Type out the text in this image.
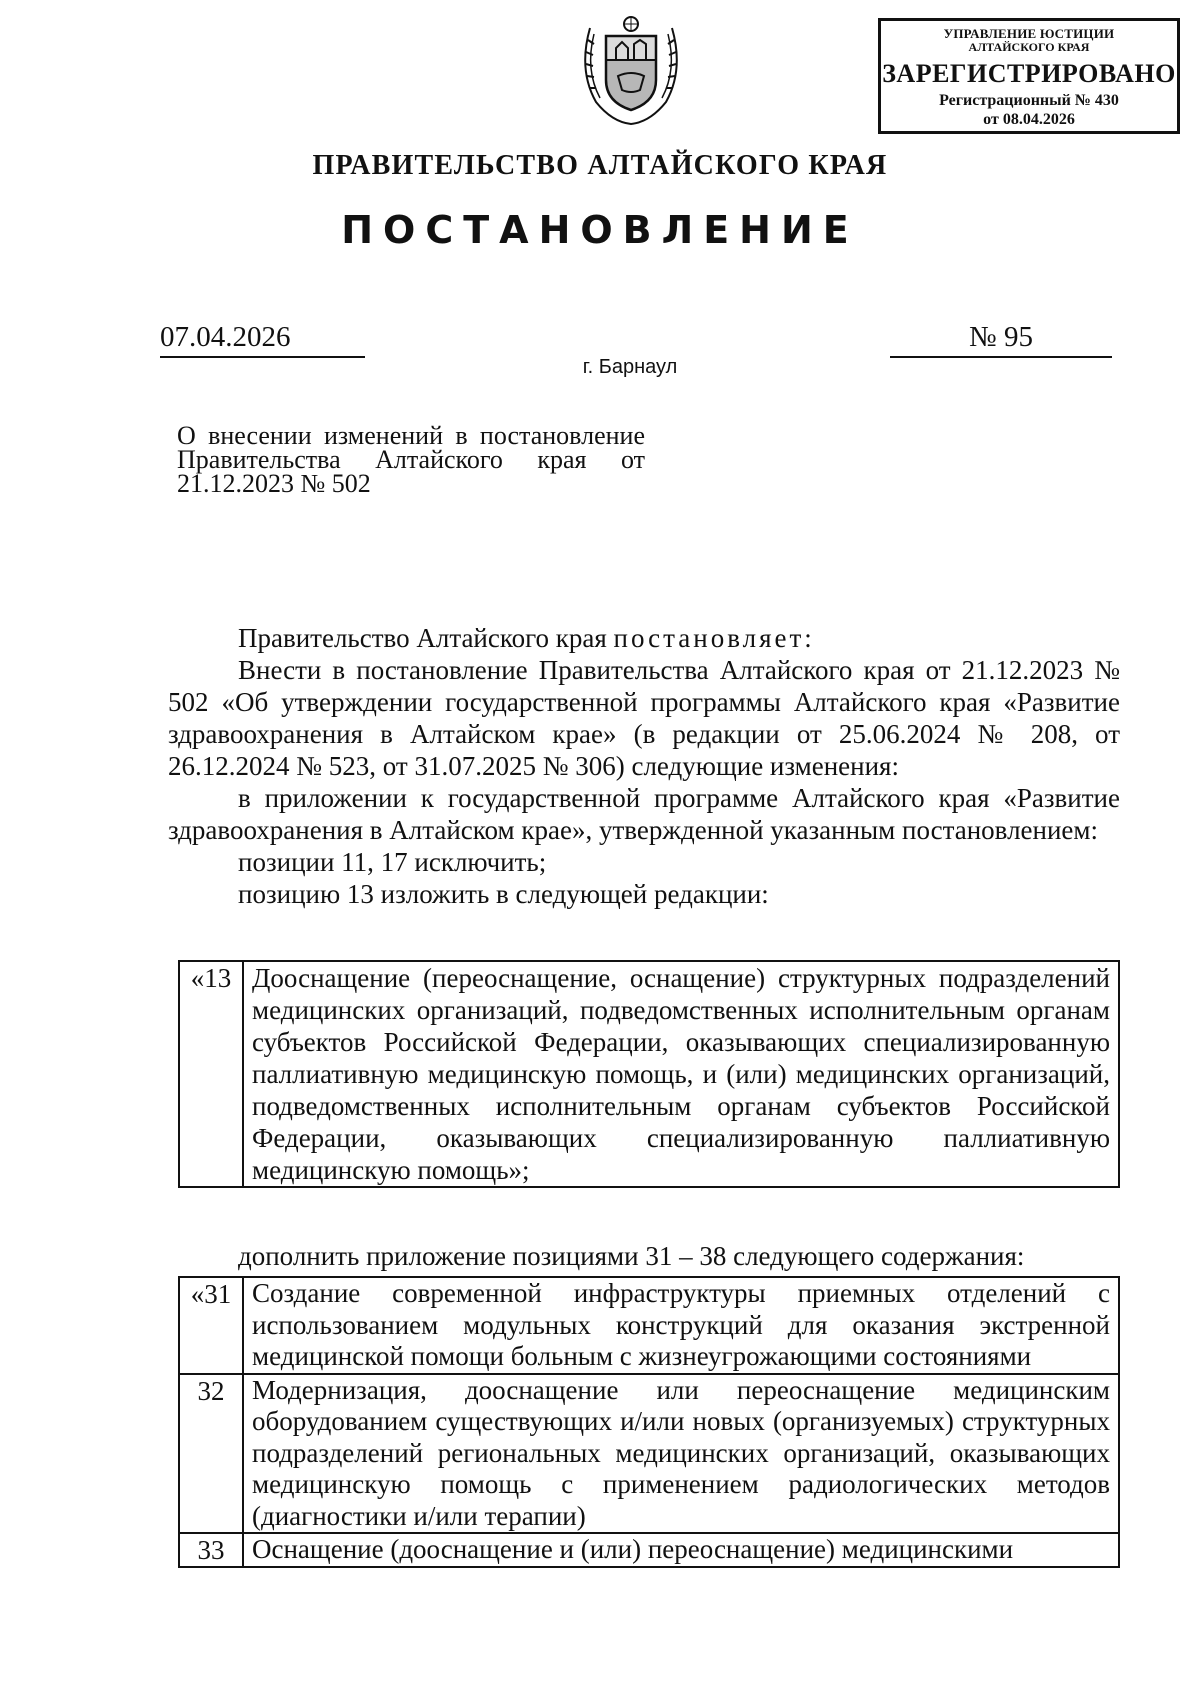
УПРАВЛЕНИЕ ЮСТИЦИИ
АЛТАЙСКОГО КРАЯ
ЗАРЕГИСТРИРОВАНО
Регистрационный № 430
от 08.04.2026
ПРАВИТЕЛЬСТВО АЛТАЙСКОГО КРАЯ
ПОСТАНОВЛЕНИЕ
07.04.2026	№ 95
г. Барнаул
О внесении изменений в постановление Правительства Алтайского края от 21.12.2023 № 502

Правительство Алтайского края постановляет:

Внести в постановление Правительства Алтайского края от 21.12.2023 № 502 «Об утверждении государственной программы Алтайского края «Развитие здравоохранения в Алтайском крае» (в редакции от 25.06.2024 № 208, от 26.12.2024 № 523, от 31.07.2025 № 306) следующие изменения:

в приложении к государственной программе Алтайского края «Развитие здравоохранения в Алтайском крае», утвержденной указанным постановлением:

позиции 11, 17 исключить;

позицию 13 изложить в следующей редакции:

«13	Дооснащение (переоснащение, оснащение) структурных подразделений медицинских организаций, подведомственных исполнительным органам субъектов Российской Федерации, оказывающих специализированную паллиативную медицинскую помощь, и (или) медицинских организаций, подведомственных исполнительным органам субъектов Российской Федерации, оказывающих специализированную паллиативную медицинскую помощь»;
дополнить приложение позициями 31 – 38 следующего содержания:
«31	Создание современной инфраструктуры приемных отделений с использованием модульных конструкций для оказания экстренной медицинской помощи больным с жизнеугрожающими состояниями
32	Модернизация, дооснащение или переоснащение медицинским оборудованием существующих и/или новых (организуемых) структурных подразделений региональных медицинских организаций, оказывающих медицинскую помощь с применением радиологических методов (диагностики и/или терапии)
33	Оснащение (дооснащение и (или) переоснащение) медицинскими
